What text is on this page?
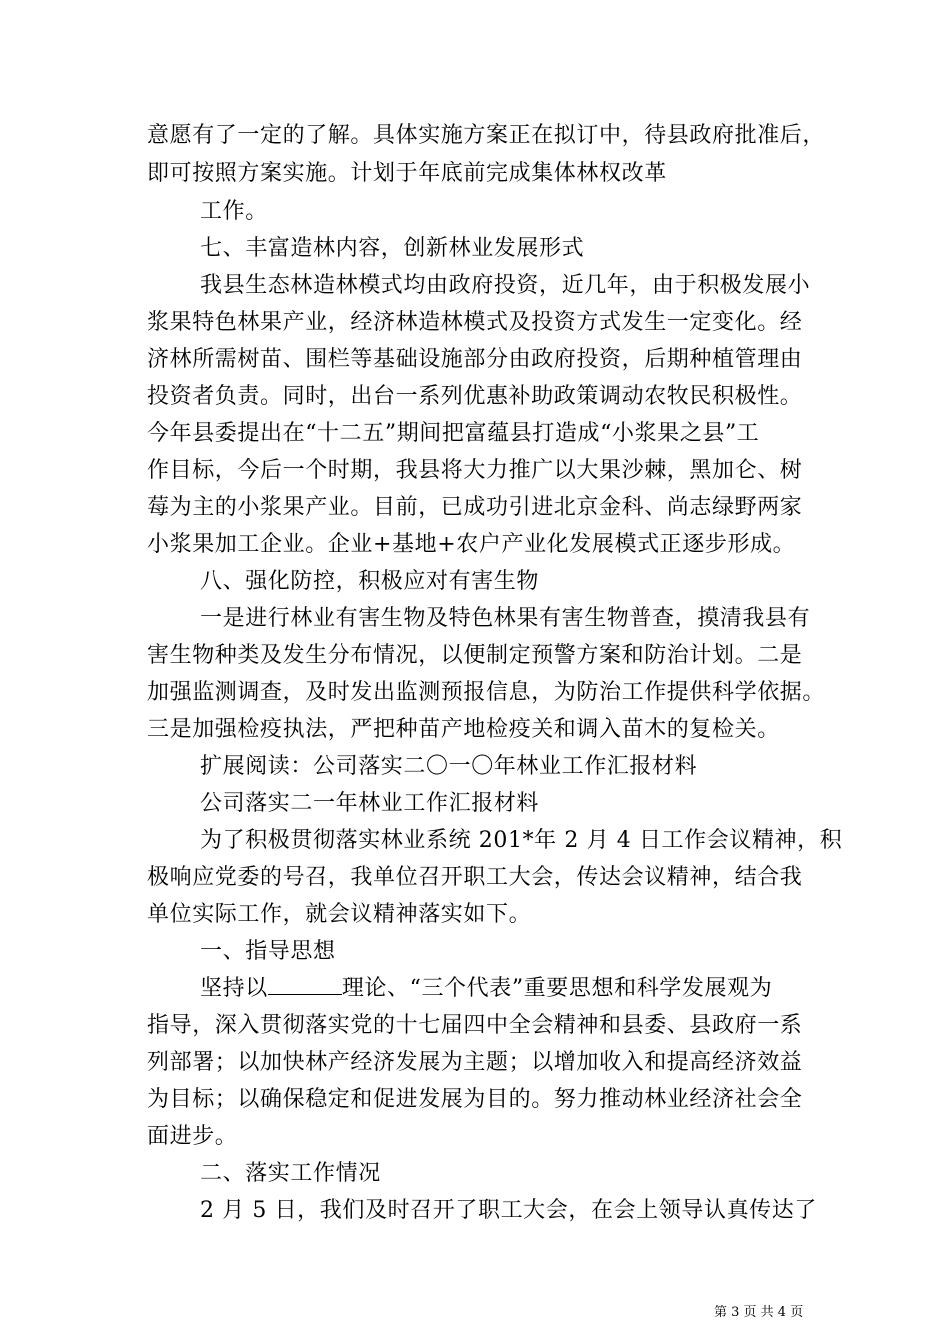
意愿有了一定的了解。具体实施方案正在拟订中，待县政府批准后，
即可按照方案实施。计划于年底前完成集体林权改革
工作。
七、丰富造林内容，创新林业发展形式
我县生态林造林模式均由政府投资，近几年，由于积极发展小
浆果特色林果产业，经济林造林模式及投资方式发生一定变化。经
济林所需树苗、围栏等基础设施部分由政府投资，后期种植管理由
投资者负责。同时，出台一系列优惠补助政策调动农牧民积极性。
今年县委提出在“十二五”期间把富蕴县打造成“小浆果之县”工
作目标，今后一个时期，我县将大力推广以大果沙棘，黑加仑、树
莓为主的小浆果产业。目前，已成功引进北京金科、尚志绿野两家
小浆果加工企业。企业+基地+农户产业化发展模式正逐步形成。
八、强化防控，积极应对有害生物
一是进行林业有害生物及特色林果有害生物普查，摸清我县有
害生物种类及发生分布情况，以便制定预警方案和防治计划。二是
加强监测调查，及时发出监测预报信息，为防治工作提供科学依据。
三是加强检疫执法，严把种苗产地检疫关和调入苗木的复检关。
扩展阅读：公司落实二〇一〇年林业工作汇报材料
公司落实二一年林业工作汇报材料
为了积极贯彻落实林业系统 201*年 2 月 4 日工作会议精神，积
极响应党委的号召，我单位召开职工大会，传达会议精神，结合我
单位实际工作，就会议精神落实如下。
一、指导思想
坚持以	理论、“三个代表”重要思想和科学发展观为
指导，深入贯彻落实党的十七届四中全会精神和县委、县政府一系
列部署；以加快林产经济发展为主题；以增加收入和提高经济效益
为目标；以确保稳定和促进发展为目的。努力推动林业经济社会全
面进步。
二、落实工作情况
2 月 5 日，我们及时召开了职工大会，在会上领导认真传达了
第 3 页 共 4 页
